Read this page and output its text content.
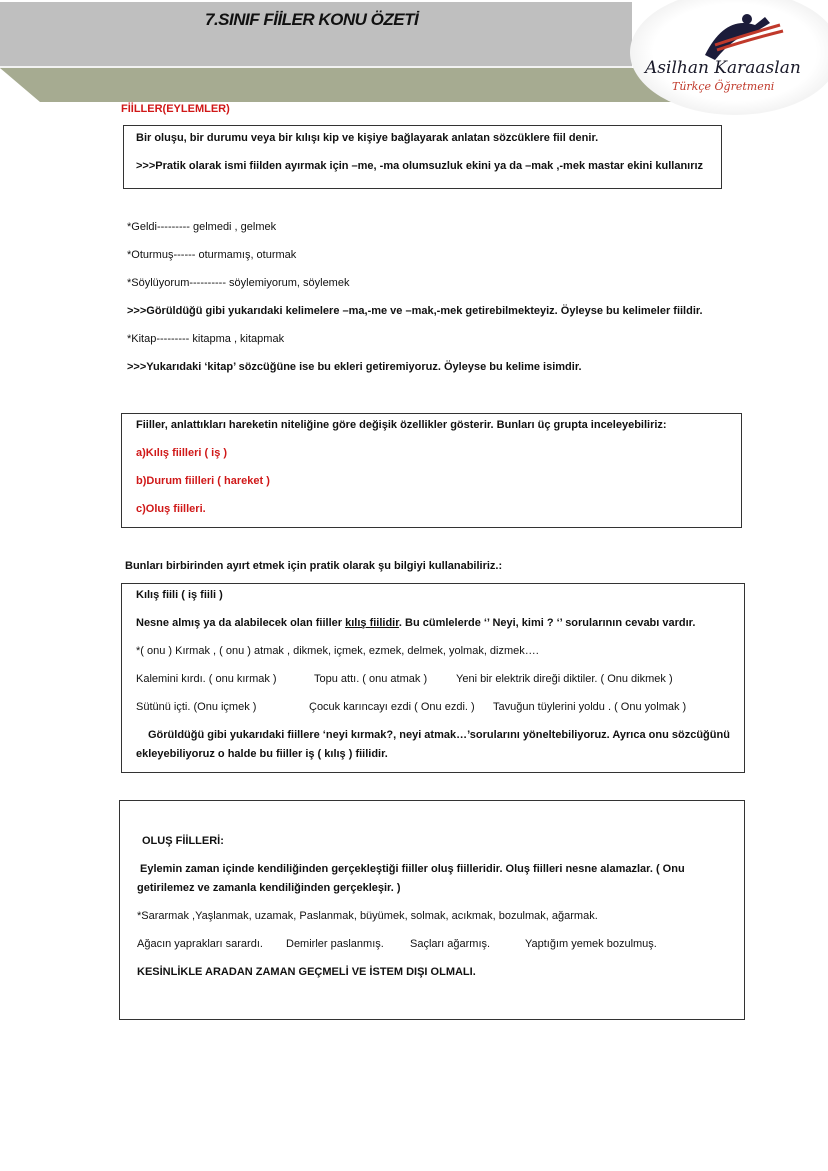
7.SINIF FİİLER KONU ÖZETİ
Asilhan Karaaslan
Türkçe Öğretmeni
FİİLLER(EYLEMLER)
Bir oluşu, bir durumu veya bir kılışı kip ve kişiye bağlayarak anlatan sözcüklere fiil denir.
>>>Pratik olarak ismi fiilden ayırmak için –me, -ma olumsuzluk ekini ya da –mak ,-mek mastar ekini kullanırız
*Geldi--------- gelmedi , gelmek
*Oturmuş------ oturmamış, oturmak
*Söylüyorum---------- söylemiyorum, söylemek
>>>Görüldüğü gibi yukarıdaki kelimelere –ma,-me ve –mak,-mek getirebilmekteyiz. Öyleyse bu kelimeler fiildir.
*Kitap--------- kitapma , kitapmak
>>>Yukarıdaki ‘kitap’ sözcüğüne ise bu ekleri getiremiyoruz. Öyleyse bu kelime isimdir.
Fiiller, anlattıkları hareketin niteliğine göre değişik özellikler gösterir. Bunları üç grupta inceleyebiliriz:
a)Kılış fiilleri ( iş )
b)Durum fiilleri ( hareket )
c)Oluş fiilleri.
Bunları birbirinden ayırt etmek için pratik olarak şu bilgiyi kullanabiliriz.:
Kılış fiili ( iş fiili )
Nesne almış ya da alabilecek olan fiiller kılış fiilidir. Bu cümlelerde ‘’ Neyi, kimi ? ‘’ sorularının cevabı vardır.
*( onu ) Kırmak , ( onu ) atmak , dikmek, içmek, ezmek, delmek, yolmak, dizmek….
Kalemini kırdı. ( onu kırmak )	Topu attı. ( onu atmak )	Yeni bir elektrik direği diktiler. ( Onu dikmek )
Sütünü içti. (Onu içmek )	Çocuk karıncayı ezdi ( Onu ezdi. ) Tavuğun tüylerini yoldu . ( Onu yolmak )
Görüldüğü gibi yukarıdaki fiillere ‘neyi kırmak?, neyi atmak…’sorularını yöneltebiliyoruz. Ayrıca onu sözcüğünü
ekleyebiliyoruz o halde bu fiiller iş ( kılış ) fiilidir.
OLUŞ FİİLLERİ:
Eylemin zaman içinde kendiliğinden gerçekleştiği fiiller oluş fiilleridir. Oluş fiilleri nesne alamazlar. ( Onu
getirilemez ve zamanla kendiliğinden gerçekleşir. )
*Sararmak ,Yaşlanmak, uzamak, Paslanmak, büyümek, solmak, acıkmak, bozulmak, ağarmak.
Ağacın yaprakları sarardı. Demirler paslanmış. Saçları ağarmış.	Yaptığım yemek bozulmuş.
KESİNLİKLE ARADAN ZAMAN GEÇMELİ VE İSTEM DIŞI OLMALI.
